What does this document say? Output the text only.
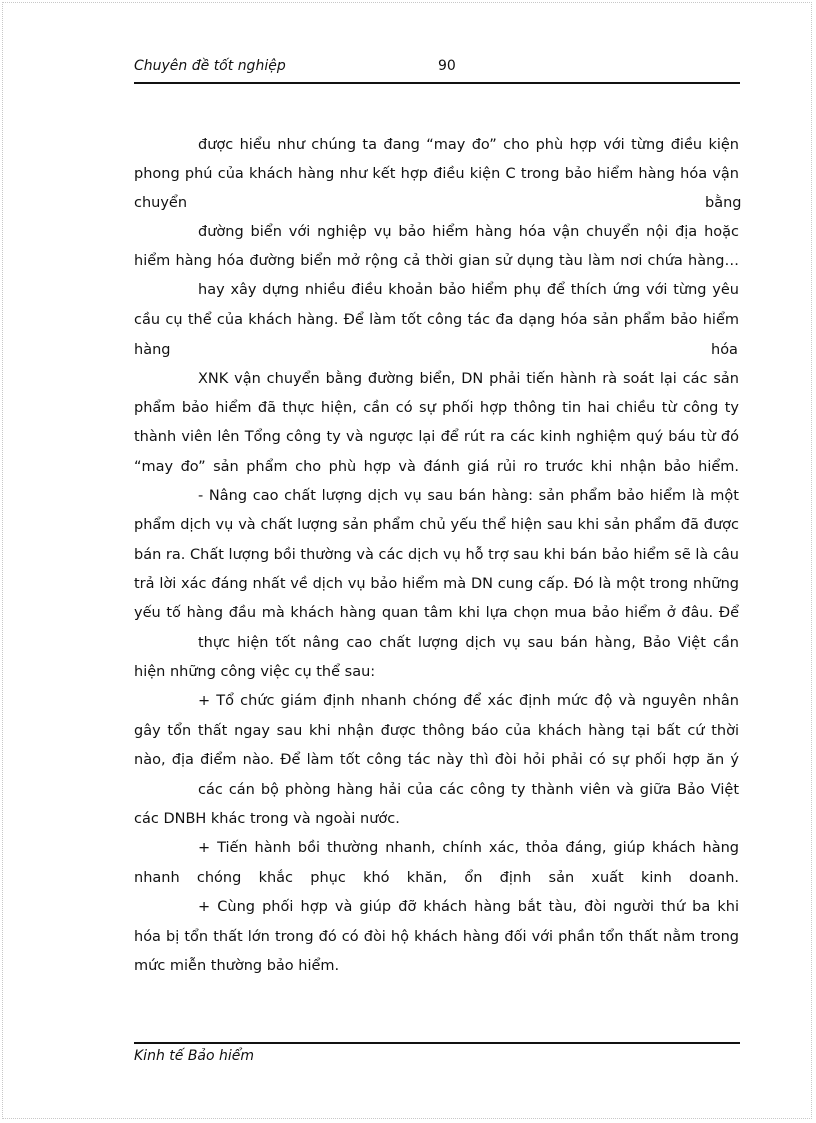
Chuyên đề tốt nghiệp	90
được hiểu như chúng ta đang “may đo” cho phù hợp với từng điều kiện
phong phú của khách hàng như kết hợp điều kiện C trong bảo hiểm hàng hóa vận
chuyển	bằng
đường biển với nghiệp vụ bảo hiểm hàng hóa vận chuyển nội địa hoặc
hiểm hàng hóa đường biển mở rộng cả thời gian sử dụng tàu làm nơi chứa hàng…
hay xây dựng nhiều điều khoản bảo hiểm phụ để thích ứng với từng yêu
cầu cụ thể của khách hàng. Để làm tốt công tác đa dạng hóa sản phẩm bảo hiểm
hàng	hóa
XNK vận chuyển bằng đường biển, DN phải tiến hành rà soát lại các sản
phẩm bảo hiểm đã thực hiện, cần có sự phối hợp thông tin hai chiều từ công ty
thành viên lên Tổng công ty và ngược lại để rút ra các kinh nghiệm quý báu từ đó
“may đo” sản phẩm cho phù hợp và đánh giá rủi ro trước khi nhận bảo hiểm.
- Nâng cao chất lượng dịch vụ sau bán hàng: sản phẩm bảo hiểm là một
phẩm dịch vụ và chất lượng sản phẩm chủ yếu thể hiện sau khi sản phẩm đã được
bán ra. Chất lượng bồi thường và các dịch vụ hỗ trợ sau khi bán bảo hiểm sẽ là câu
trả lời xác đáng nhất về dịch vụ bảo hiểm mà DN cung cấp. Đó là một trong những
yếu tố hàng đầu mà khách hàng quan tâm khi lựa chọn mua bảo hiểm ở đâu. Để
thực hiện tốt nâng cao chất lượng dịch vụ sau bán hàng, Bảo Việt cần
hiện những công việc cụ thể sau:
+ Tổ chức giám định nhanh chóng để xác định mức độ và nguyên nhân
gây tổn thất ngay sau khi nhận được thông báo của khách hàng tại bất cứ thời
nào, địa điểm nào. Để làm tốt công tác này thì đòi hỏi phải có sự phối hợp ăn ý
các cán bộ phòng hàng hải của các công ty thành viên và giữa Bảo Việt
các DNBH khác trong và ngoài nước.
+ Tiến hành bồi thường nhanh, chính xác, thỏa đáng, giúp khách hàng
nhanh chóng khắc phục khó khăn, ổn định sản xuất kinh doanh.
+ Cùng phối hợp và giúp đỡ khách hàng bắt tàu, đòi người thứ ba khi
hóa bị tổn thất lớn trong đó có đòi hộ khách hàng đối với phần tổn thất nằm trong
mức miễn thường bảo hiểm.
Kinh tế Bảo hiểm
